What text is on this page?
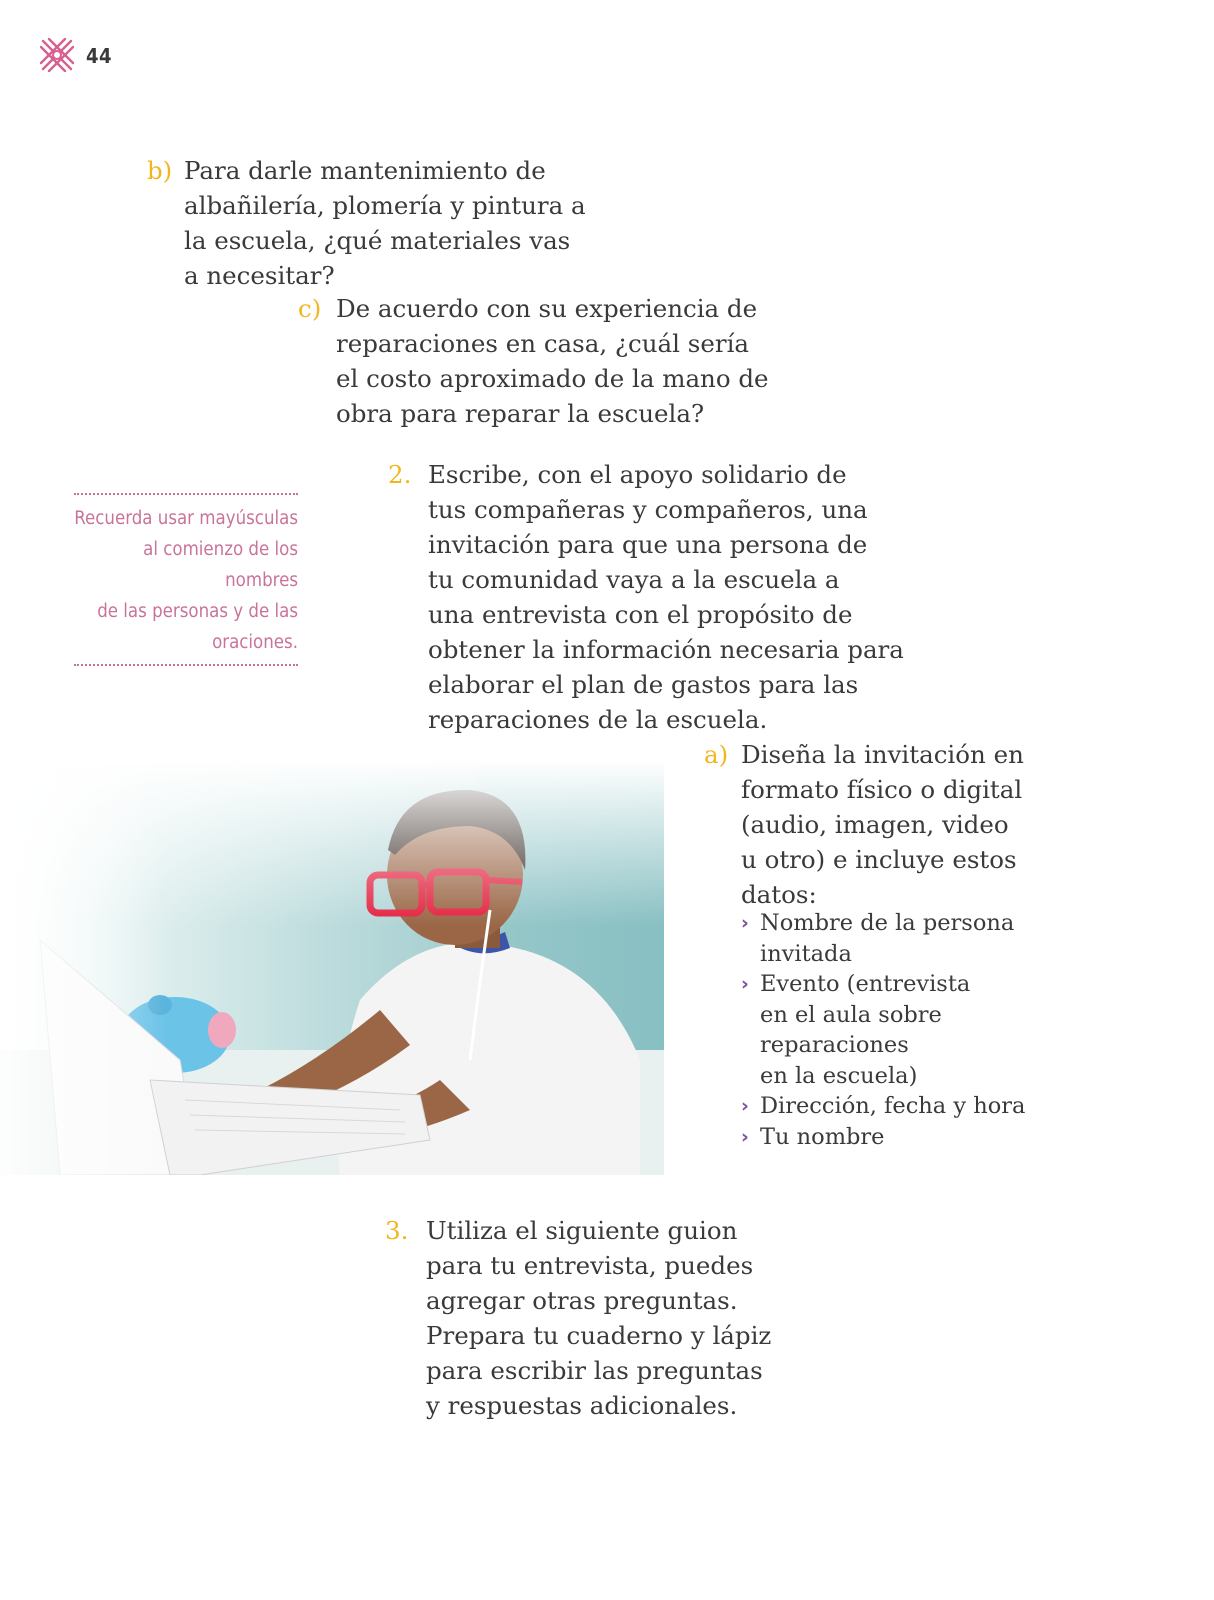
44
b) Para darle mantenimiento de
albañilería, plomería y pintura a
la escuela, ¿qué materiales vas
a necesitar?
c) De acuerdo con su experiencia de
reparaciones en casa, ¿cuál sería
el costo aproximado de la mano de
obra para reparar la escuela?
Recuerda usar mayúsculas
al comienzo de los nombres
de las personas y de las
oraciones.
2. Escribe, con el apoyo solidario de
tus compañeras y compañeros, una
invitación para que una persona de
tu comunidad vaya a la escuela a
una entrevista con el propósito de
obtener la información necesaria para
elaborar el plan de gastos para las
reparaciones de la escuela.
a) Diseña la invitación en
formato físico o digital
(audio, imagen, video
u otro) e incluye estos
datos:
› Nombre de la persona
invitada
› Evento (entrevista
en el aula sobre
reparaciones
en la escuela)
› Dirección, fecha y hora
› Tu nombre
3. Utiliza el siguiente guion
para tu entrevista, puedes
agregar otras preguntas.
Prepara tu cuaderno y lápiz
para escribir las preguntas
y respuestas adicionales.
